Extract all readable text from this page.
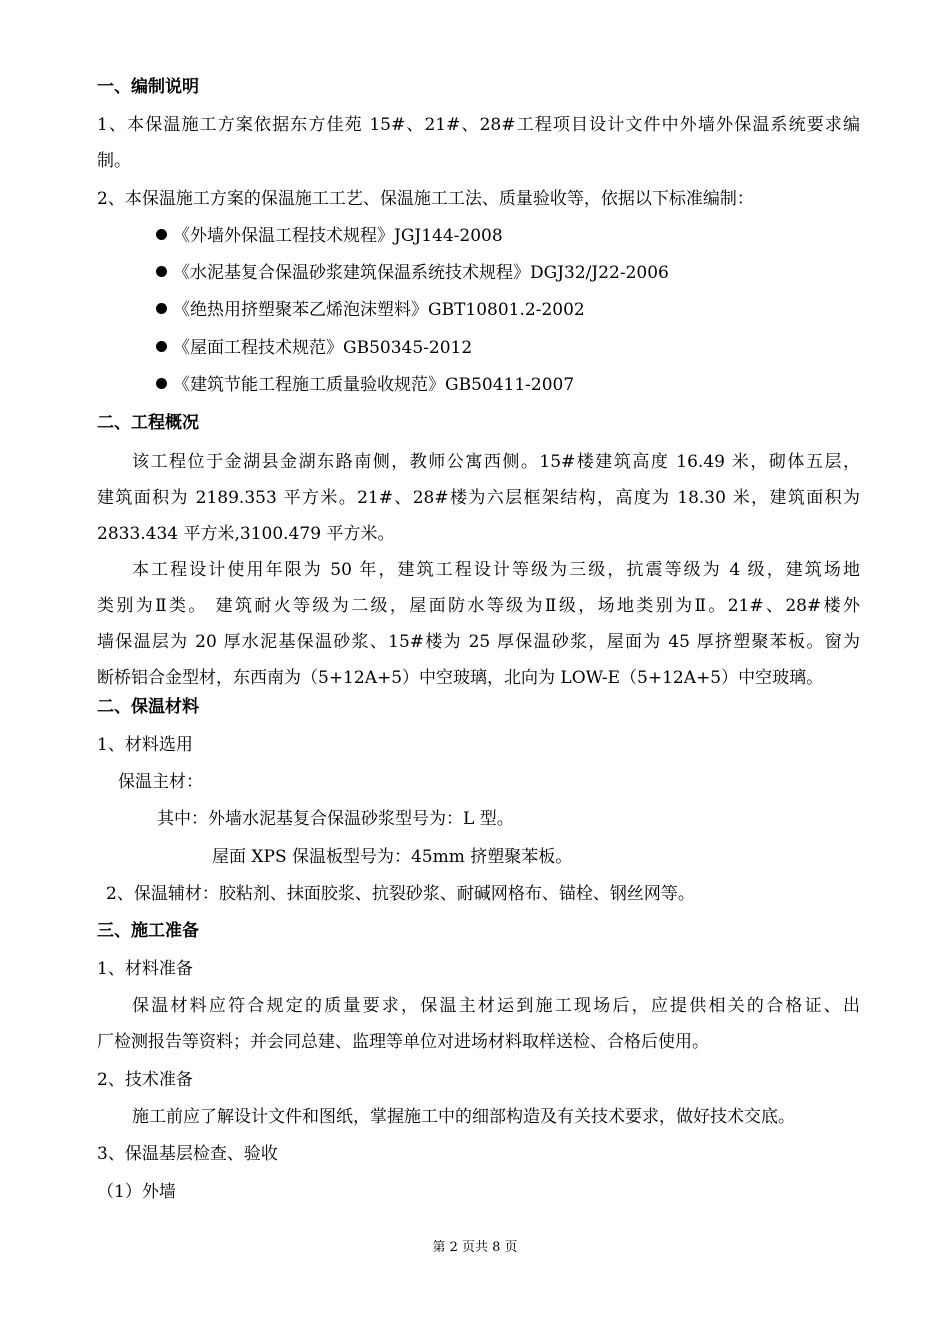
一、编制说明
1、本保温施工方案依据东方佳苑 15#、21#、28#工程项目设计文件中外墙外保温系统要求编
制。
2、本保温施工方案的保温施工工艺、保温施工工法、质量验收等，依据以下标准编制：
《外墙外保温工程技术规程》JGJ144-2008
《水泥基复合保温砂浆建筑保温系统技术规程》DGJ32/J22-2006
《绝热用挤塑聚苯乙烯泡沫塑料》GBT10801.2-2002
《屋面工程技术规范》GB50345-2012
《建筑节能工程施工质量验收规范》GB50411-2007
二、工程概况
该工程位于金湖县金湖东路南侧，教师公寓西侧。15#楼建筑高度 16.49 米，砌体五层，
建筑面积为 2189.353 平方米。21#、28#楼为六层框架结构，高度为 18.30 米，建筑面积为
2833.434 平方米,3100.479 平方米。
本工程设计使用年限为 50 年，建筑工程设计等级为三级，抗震等级为 4 级，建筑场地
类别为Ⅱ类。 建筑耐火等级为二级，屋面防水等级为Ⅱ级，场地类别为Ⅱ。21#、28#楼外
墙保温层为 20 厚水泥基保温砂浆、15#楼为 25 厚保温砂浆，屋面为 45 厚挤塑聚苯板。窗为
断桥铝合金型材，东西南为（5+12A+5）中空玻璃，北向为 LOW-E（5+12A+5）中空玻璃。
二、保温材料
1、材料选用
保温主材：
其中：外墙水泥基复合保温砂浆型号为：L 型。
屋面 XPS 保温板型号为：45mm 挤塑聚苯板。
2、保温辅材：胶粘剂、抹面胶浆、抗裂砂浆、耐碱网格布、锚栓、钢丝网等。
三、施工准备
1、材料准备
保温材料应符合规定的质量要求，保温主材运到施工现场后，应提供相关的合格证、出
厂检测报告等资料；并会同总建、监理等单位对进场材料取样送检、合格后使用。
2、技术准备
施工前应了解设计文件和图纸，掌握施工中的细部构造及有关技术要求，做好技术交底。
3、保温基层检查、验收
（1）外墙
第 2 页共 8 页
